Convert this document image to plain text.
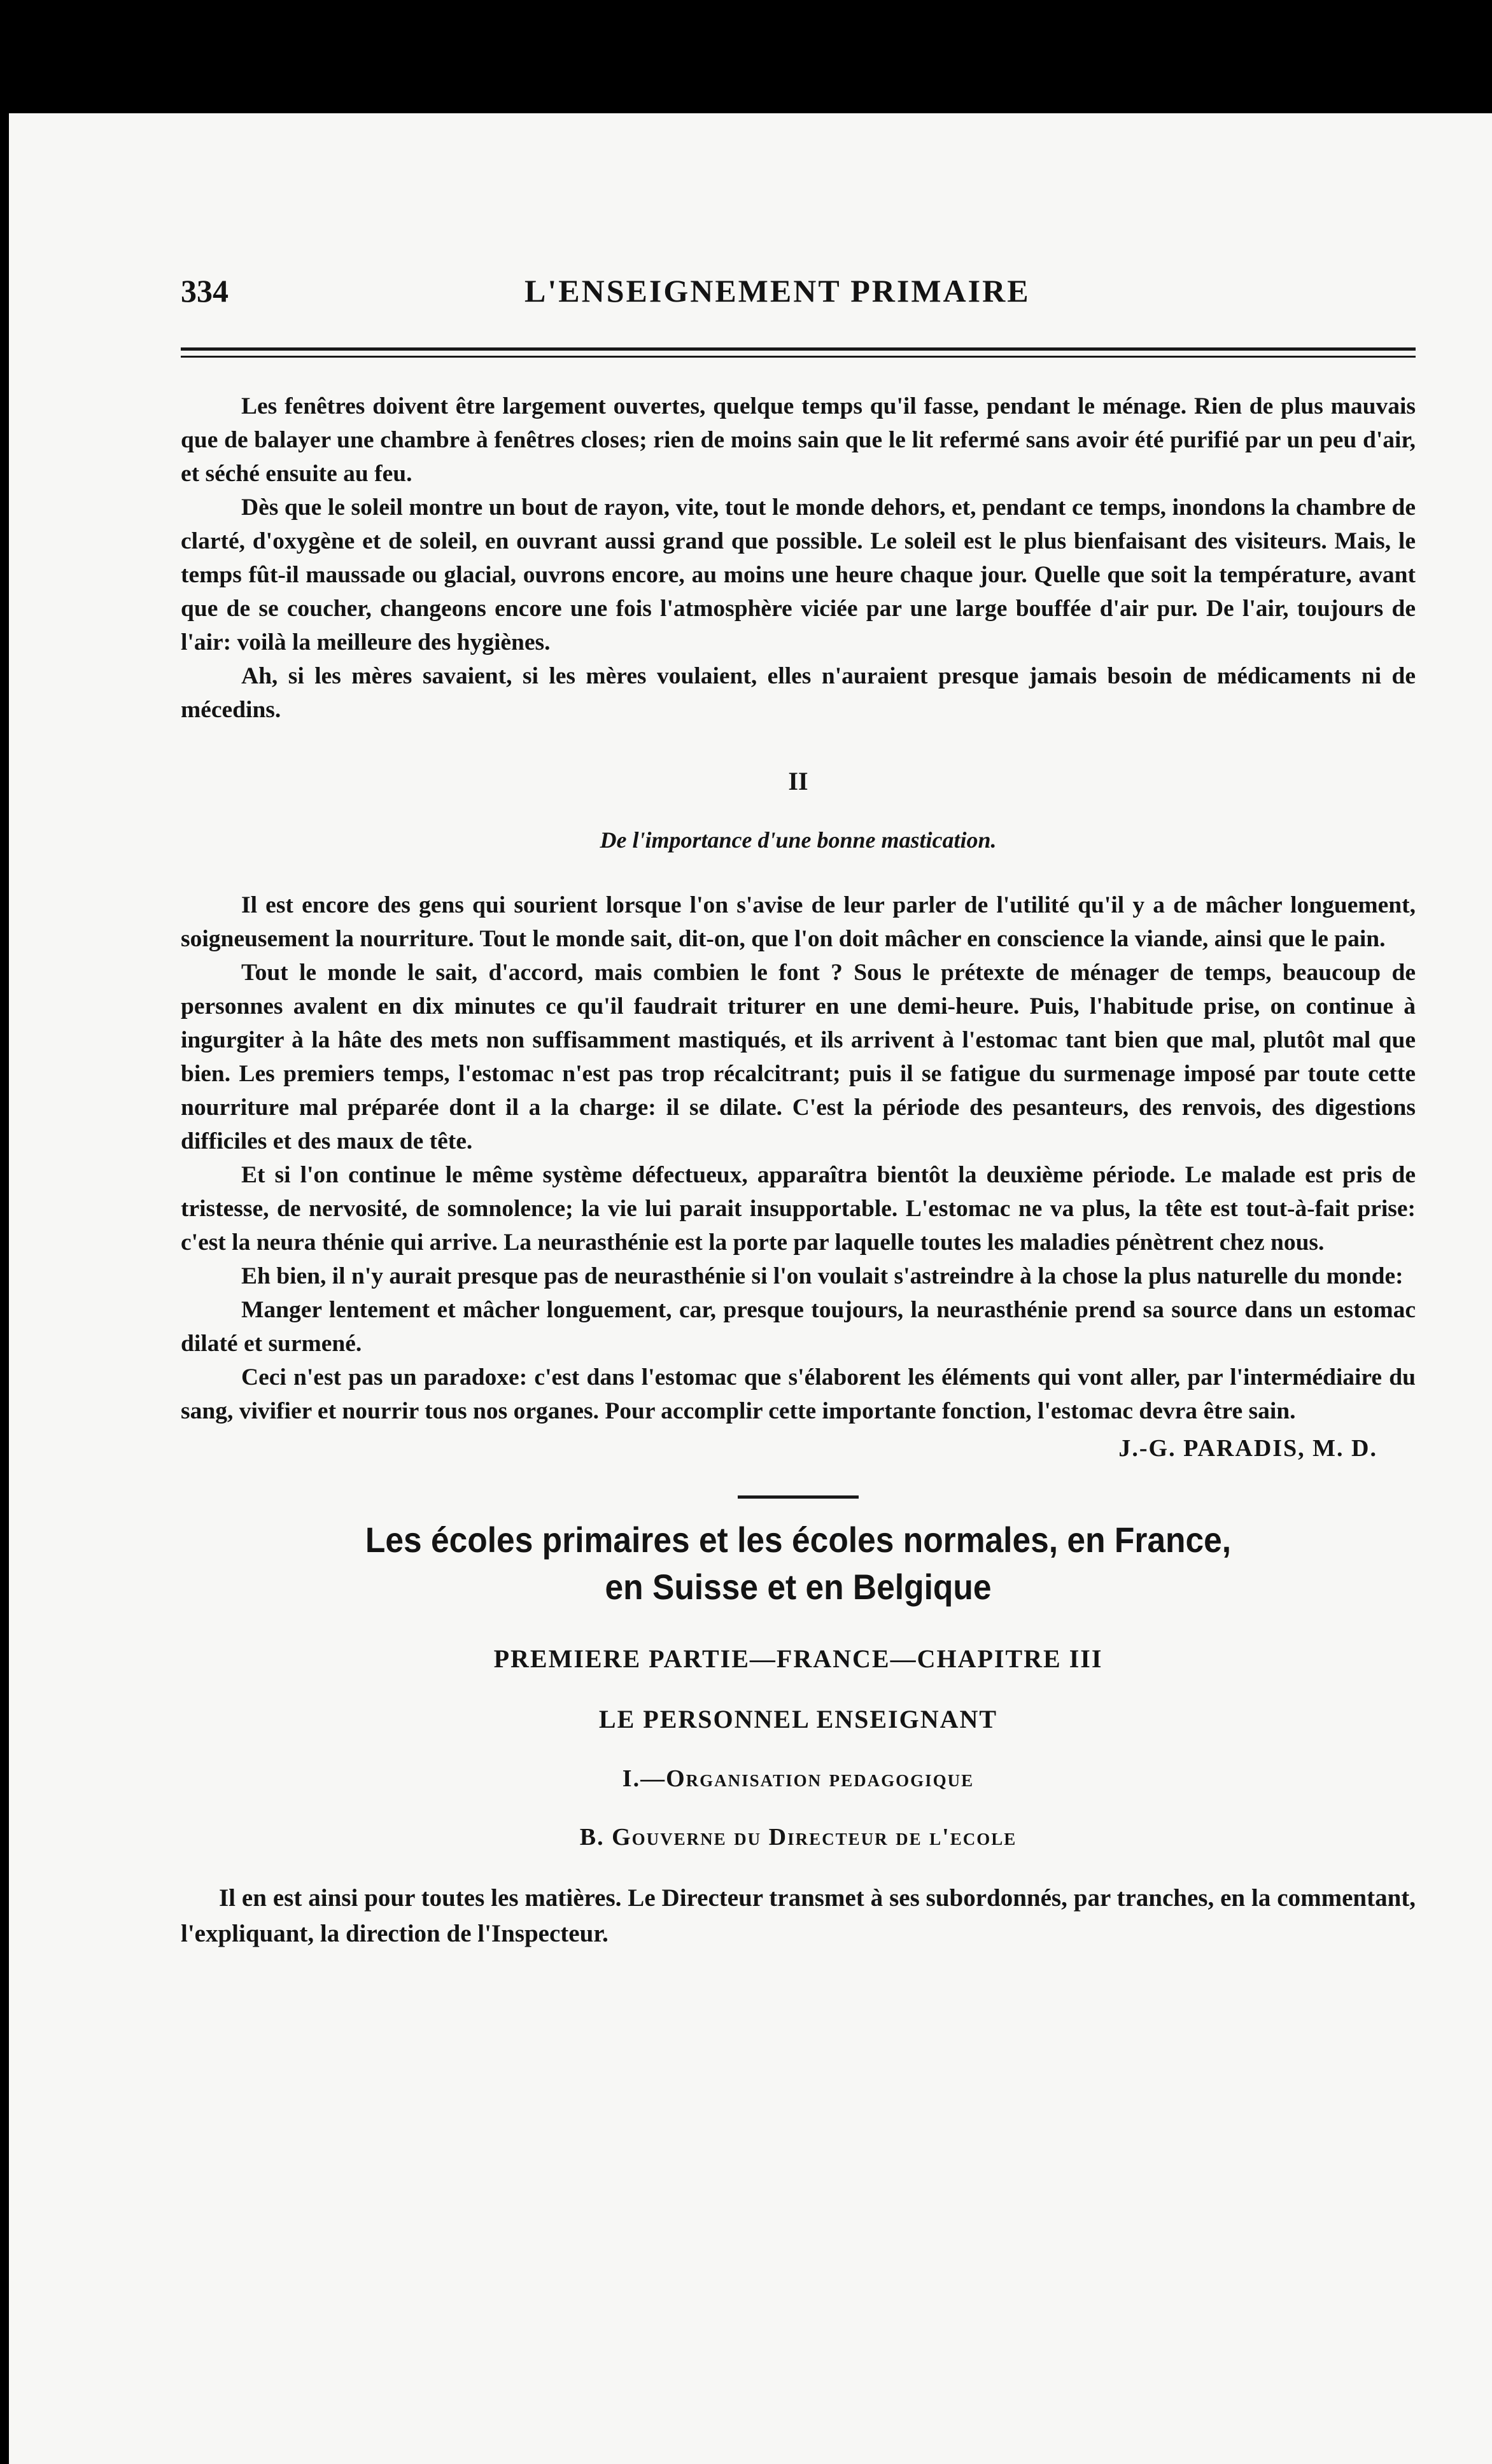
334	L'ENSEIGNEMENT PRIMAIRE

Les fenêtres doivent être largement ouvertes, quelque temps qu'il fasse, pendant le ménage. Rien de plus mauvais que de balayer une chambre à fenêtres closes; rien de moins sain que le lit refermé sans avoir été purifié par un peu d'air, et séché ensuite au feu.

Dès que le soleil montre un bout de rayon, vite, tout le monde dehors, et, pendant ce temps, inondons la chambre de clarté, d'oxygène et de soleil, en ouvrant aussi grand que possible. Le soleil est le plus bienfaisant des visiteurs. Mais, le temps fût-il maussade ou glacial, ouvrons encore, au moins une heure chaque jour. Quelle que soit la température, avant que de se coucher, changeons encore une fois l'atmosphère viciée par une large bouffée d'air pur. De l'air, toujours de l'air: voilà la meilleure des hygiènes.

Ah, si les mères savaient, si les mères voulaient, elles n'auraient presque jamais besoin de médicaments ni de mécedins.

II
De l'importance d'une bonne mastication.

Il est encore des gens qui sourient lorsque l'on s'avise de leur parler de l'utilité qu'il y a de mâcher longuement, soigneusement la nourriture. Tout le monde sait, dit-on, que l'on doit mâcher en conscience la viande, ainsi que le pain.

Tout le monde le sait, d'accord, mais combien le font ? Sous le prétexte de ménager de temps, beaucoup de personnes avalent en dix minutes ce qu'il faudrait triturer en une demi-heure. Puis, l'habitude prise, on continue à ingurgiter à la hâte des mets non suffisamment mastiqués, et ils arrivent à l'estomac tant bien que mal, plutôt mal que bien. Les premiers temps, l'estomac n'est pas trop récalcitrant; puis il se fatigue du surmenage imposé par toute cette nourriture mal préparée dont il a la charge: il se dilate. C'est la période des pesanteurs, des renvois, des digestions difficiles et des maux de tête.

Et si l'on continue le même système défectueux, apparaîtra bientôt la deuxième période. Le malade est pris de tristesse, de nervosité, de somnolence; la vie lui parait insupportable. L'estomac ne va plus, la tête est tout-à-fait prise: c'est la neura thénie qui arrive. La neurasthénie est la porte par laquelle toutes les maladies pénètrent chez nous.

Eh bien, il n'y aurait presque pas de neurasthénie si l'on voulait s'astreindre à la chose la plus naturelle du monde:

Manger lentement et mâcher longuement, car, presque toujours, la neurasthénie prend sa source dans un estomac dilaté et surmené.

Ceci n'est pas un paradoxe: c'est dans l'estomac que s'élaborent les éléments qui vont aller, par l'intermédiaire du sang, vivifier et nourrir tous nos organes. Pour accomplir cette importante fonction, l'estomac devra être sain.

J.-G. PARADIS, M. D.
Les écoles primaires et les écoles normales, en France,
en Suisse et en Belgique
PREMIERE PARTIE—FRANCE—CHAPITRE III
LE PERSONNEL ENSEIGNANT
I.—Organisation pedagogique
B. Gouverne du Directeur de l'ecole

Il en est ainsi pour toutes les matières. Le Directeur transmet à ses subordonnés, par tranches, en la commentant, l'expliquant, la direction de l'Inspecteur.
